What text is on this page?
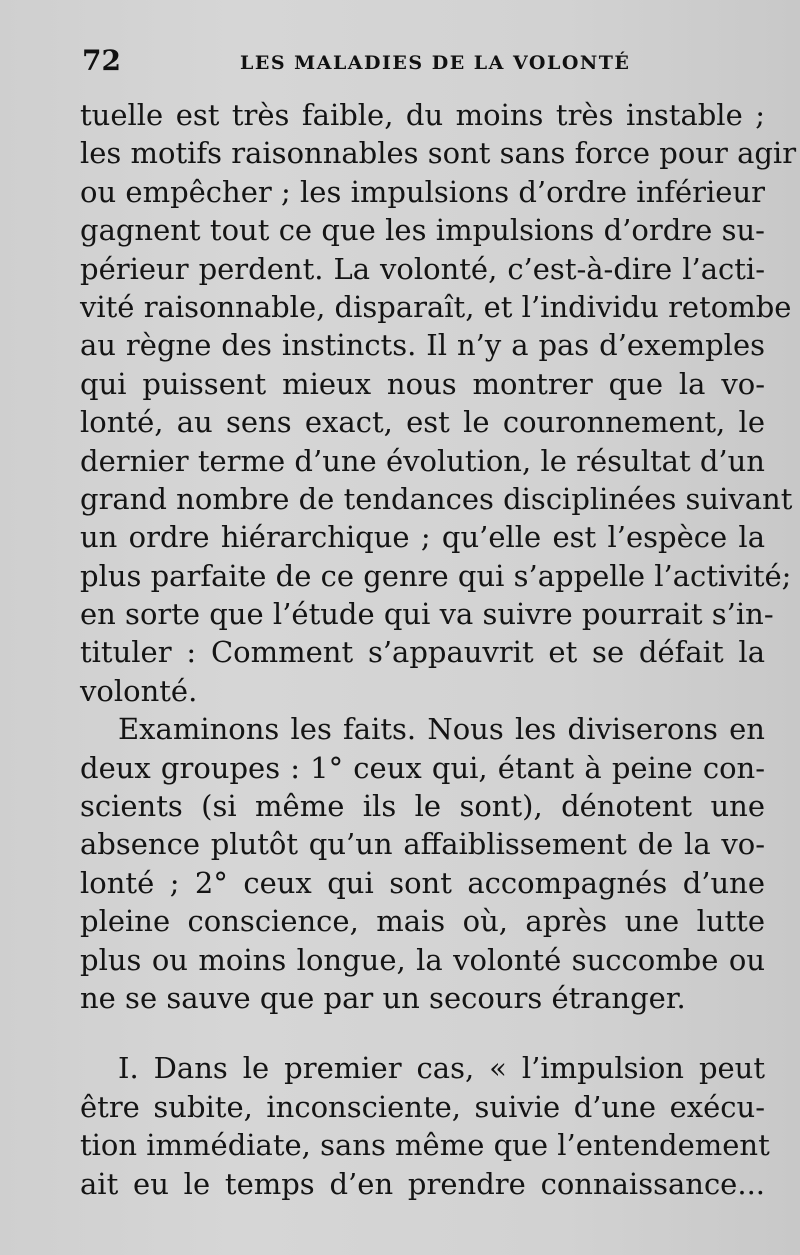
72	LES MALADIES DE LA VOLONTÉ
tuelle est très faible, du moins très instable ;
les motifs raisonnables sont sans force pour agir
ou empêcher ; les impulsions d’ordre inférieur
gagnent tout ce que les impulsions d’ordre su-
périeur perdent. La volonté, c’est-à-dire l’acti-
vité raisonnable, disparaît, et l’individu retombe
au règne des instincts. Il n’y a pas d’exemples
qui puissent mieux nous montrer que la vo-
lonté, au sens exact, est le couronnement, le
dernier terme d’une évolution, le résultat d’un
grand nombre de tendances disciplinées suivant
un ordre hiérarchique ; qu’elle est l’espèce la
plus parfaite de ce genre qui s’appelle l’activité;
en sorte que l’étude qui va suivre pourrait s’in-
tituler : Comment s’appauvrit et se défait la
volonté.
Examinons les faits. Nous les diviserons en
deux groupes : 1° ceux qui, étant à peine con-
scients (si même ils le sont), dénotent une
absence plutôt qu’un affaiblissement de la vo-
lonté ; 2° ceux qui sont accompagnés d’une
pleine conscience, mais où, après une lutte
plus ou moins longue, la volonté succombe ou
ne se sauve que par un secours étranger.
I. Dans le premier cas, « l’impulsion peut
être subite, inconsciente, suivie d’une exécu-
tion immédiate, sans même que l’entendement
ait eu le temps d’en prendre connaissance...
